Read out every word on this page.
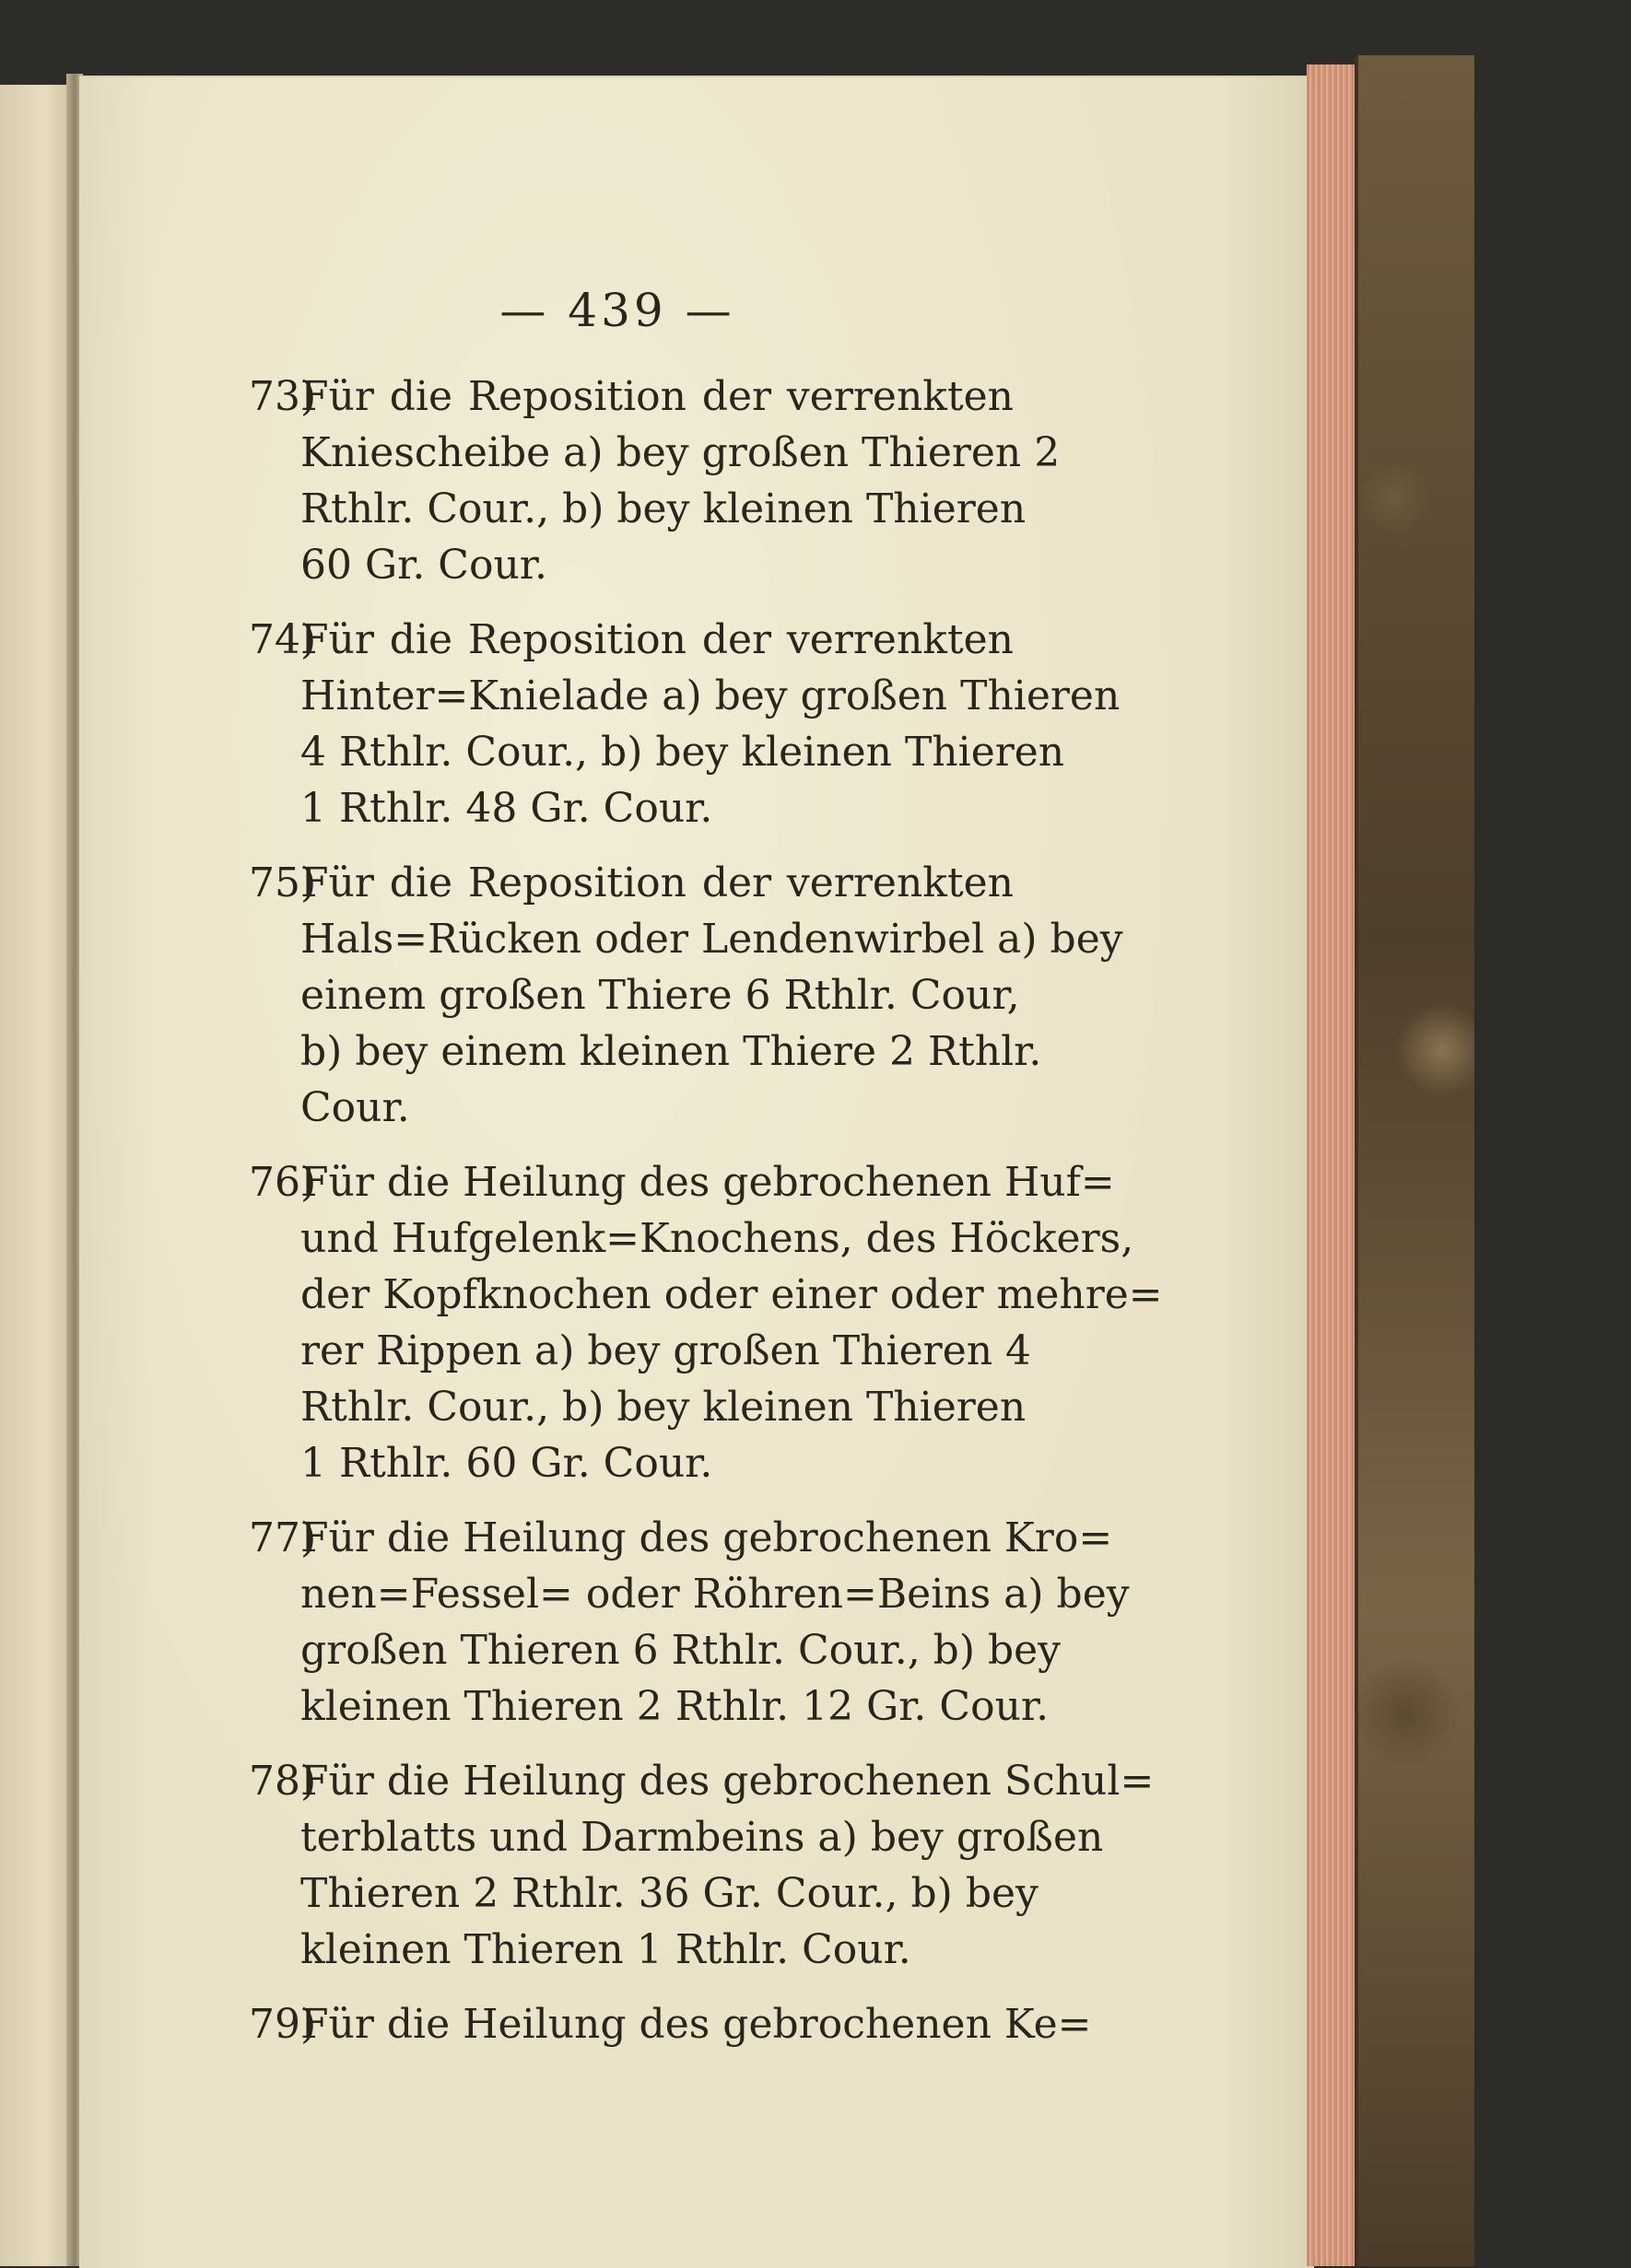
— 439 —
73)
Für die Reposition der verrenkten
Kniescheibe a) bey großen Thieren 2
Rthlr. Cour., b) bey kleinen Thieren
60 Gr. Cour.
74)
Für die Reposition der verrenkten
Hinter=Knielade a) bey großen Thieren
4 Rthlr. Cour., b) bey kleinen Thieren
1 Rthlr. 48 Gr. Cour.
75)
Für die Reposition der verrenkten
Hals=Rücken oder Lendenwirbel a) bey
einem großen Thiere 6 Rthlr. Cour,
b) bey einem kleinen Thiere 2 Rthlr.
Cour.
76)
Für die Heilung des gebrochenen Huf=
und Hufgelenk=Knochens, des Höckers,
der Kopfknochen oder einer oder mehre=
rer Rippen a) bey großen Thieren 4
Rthlr. Cour., b) bey kleinen Thieren
1 Rthlr. 60 Gr. Cour.
77)
Für die Heilung des gebrochenen Kro=
nen=Fessel= oder Röhren=Beins a) bey
großen Thieren 6 Rthlr. Cour., b) bey
kleinen Thieren 2 Rthlr. 12 Gr. Cour.
78)
Für die Heilung des gebrochenen Schul=
terblatts und Darmbeins a) bey großen
Thieren 2 Rthlr. 36 Gr. Cour., b) bey
kleinen Thieren 1 Rthlr. Cour.
79)
Für die Heilung des gebrochenen Ke=
